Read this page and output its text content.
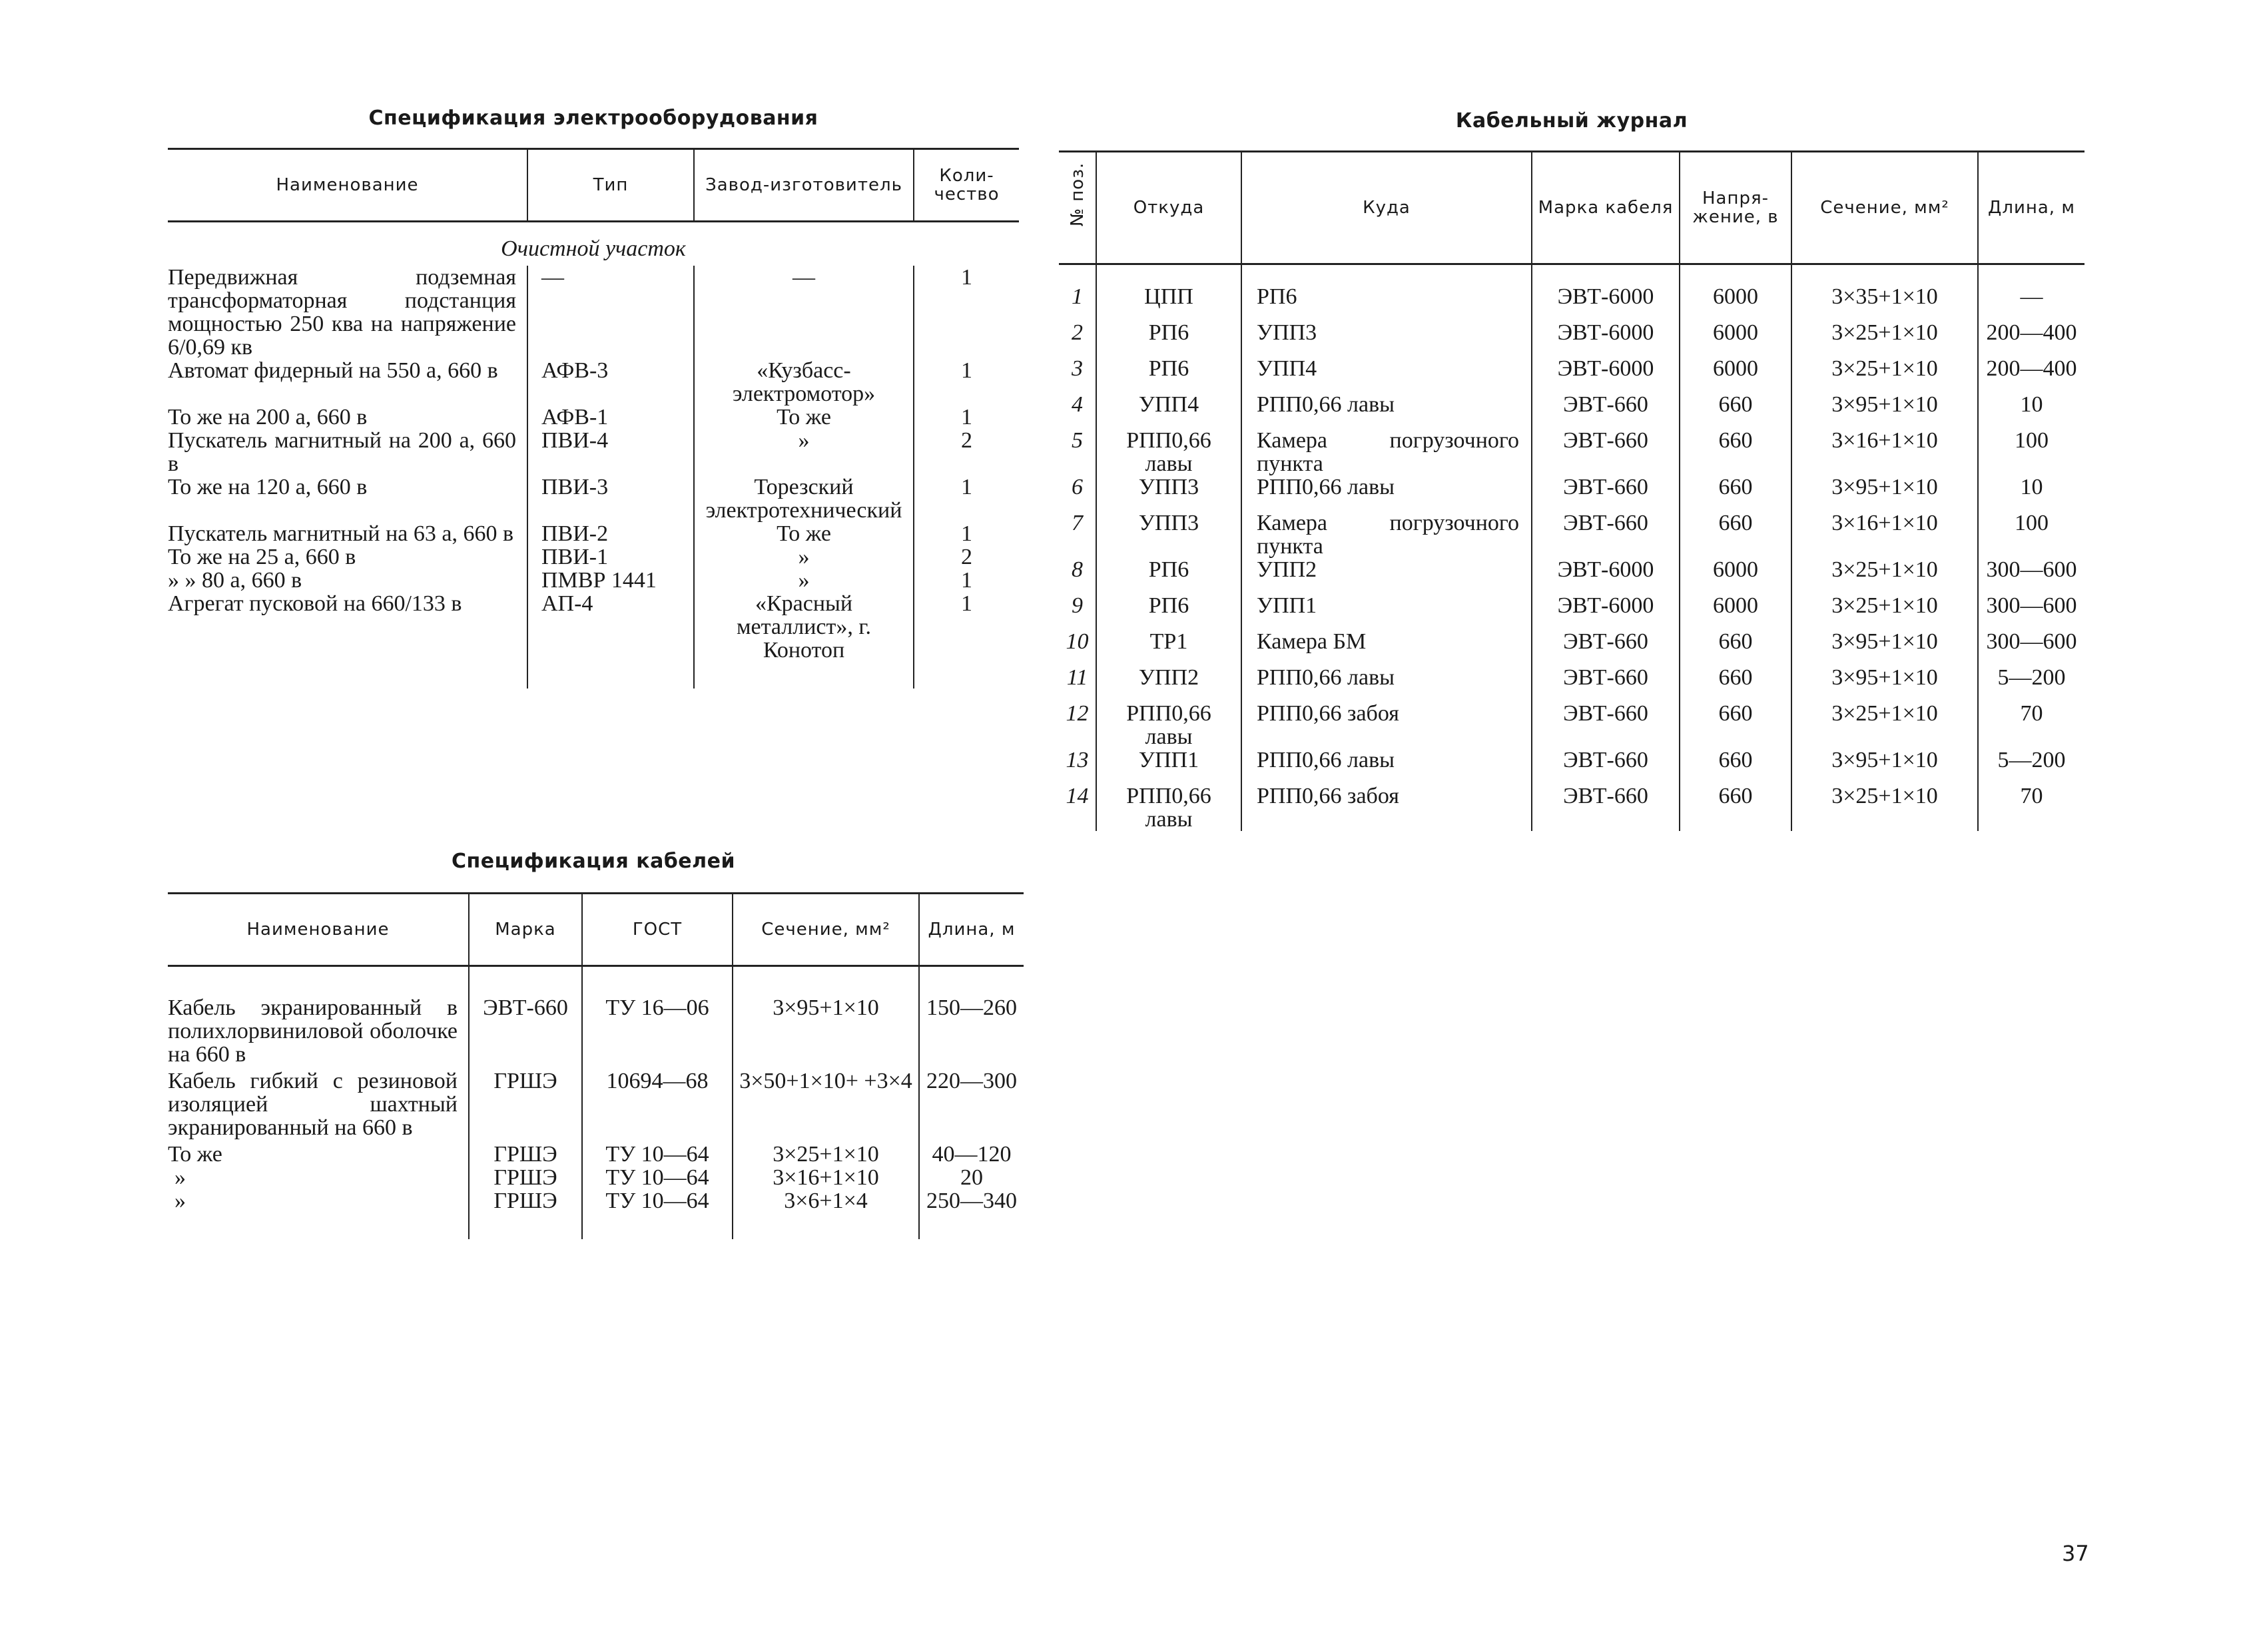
Спецификация электрооборудования
Наименование	Тип	Завод-изготовитель	Коли-чество
Очистной участок			
Передвижная подземная трансформаторная подстанция мощностью 250 ква на напряжение 6/0,69 кв	—	—	1
Автомат фидерный на 550 а, 660 в	АФВ-3	«Кузбасс-электромотор»	1
То же на 200 а, 660 в	АФВ-1	То же	1
Пускатель магнитный на 200 а, 660 в	ПВИ-4	»	2
То же на 120 а, 660 в	ПВИ-3	Торезский электротехнический	1
Пускатель магнитный на 63 а, 660 в	ПВИ-2	То же	1
То же на 25 а, 660 в	ПВИ-1	»	2
» » 80 а, 660 в	ПМВР 1441	»	1
Агрегат пусковой на 660/133 в	АП-4	«Красный металлист», г. Конотоп	1

Спецификация кабелей
Наименование	Марка	ГОСТ	Сечение, мм²	Длина, м

Кабель экранированный в полихлорвиниловой оболочке на 660 в	ЭВТ-660	ТУ 16—06	3×95+1×10	150—260
Кабель гибкий с резиновой изоляцией шахтный экранированный на 660 в	ГРШЭ	10694—68	3×50+1×10+ +3×4	220—300
То же	ГРШЭ	ТУ 10—64	3×25+1×10	40—120
»	ГРШЭ	ТУ 10—64	3×16+1×10	20
»	ГРШЭ	ТУ 10—64	3×6+1×4	250—340

Кабельный журнал
№ поз.	Откуда	Куда	Марка кабеля	Напря-жение, в	Сечение, мм²	Длина, м

1	ЦПП	РП6	ЭВТ-6000	6000	3×35+1×10	—
2	РП6	УПП3	ЭВТ-6000	6000	3×25+1×10	200—400
3	РП6	УПП4	ЭВТ-6000	6000	3×25+1×10	200—400
4	УПП4	РПП0,66 лавы	ЭВТ-660	660	3×95+1×10	10
5	РПП0,66 лавы	Камера погрузочного пункта	ЭВТ-660	660	3×16+1×10	100
6	УПП3	РПП0,66 лавы	ЭВТ-660	660	3×95+1×10	10
7	УПП3	Камера погрузочного пункта	ЭВТ-660	660	3×16+1×10	100
8	РП6	УПП2	ЭВТ-6000	6000	3×25+1×10	300—600
9	РП6	УПП1	ЭВТ-6000	6000	3×25+1×10	300—600
10	ТР1	Камера БМ	ЭВТ-660	660	3×95+1×10	300—600
11	УПП2	РПП0,66 лавы	ЭВТ-660	660	3×95+1×10	5—200
12	РПП0,66 лавы	РПП0,66 забоя	ЭВТ-660	660	3×25+1×10	70
13	УПП1	РПП0,66 лавы	ЭВТ-660	660	3×95+1×10	5—200
14	РПП0,66 лавы	РПП0,66 забоя	ЭВТ-660	660	3×25+1×10	70
37
